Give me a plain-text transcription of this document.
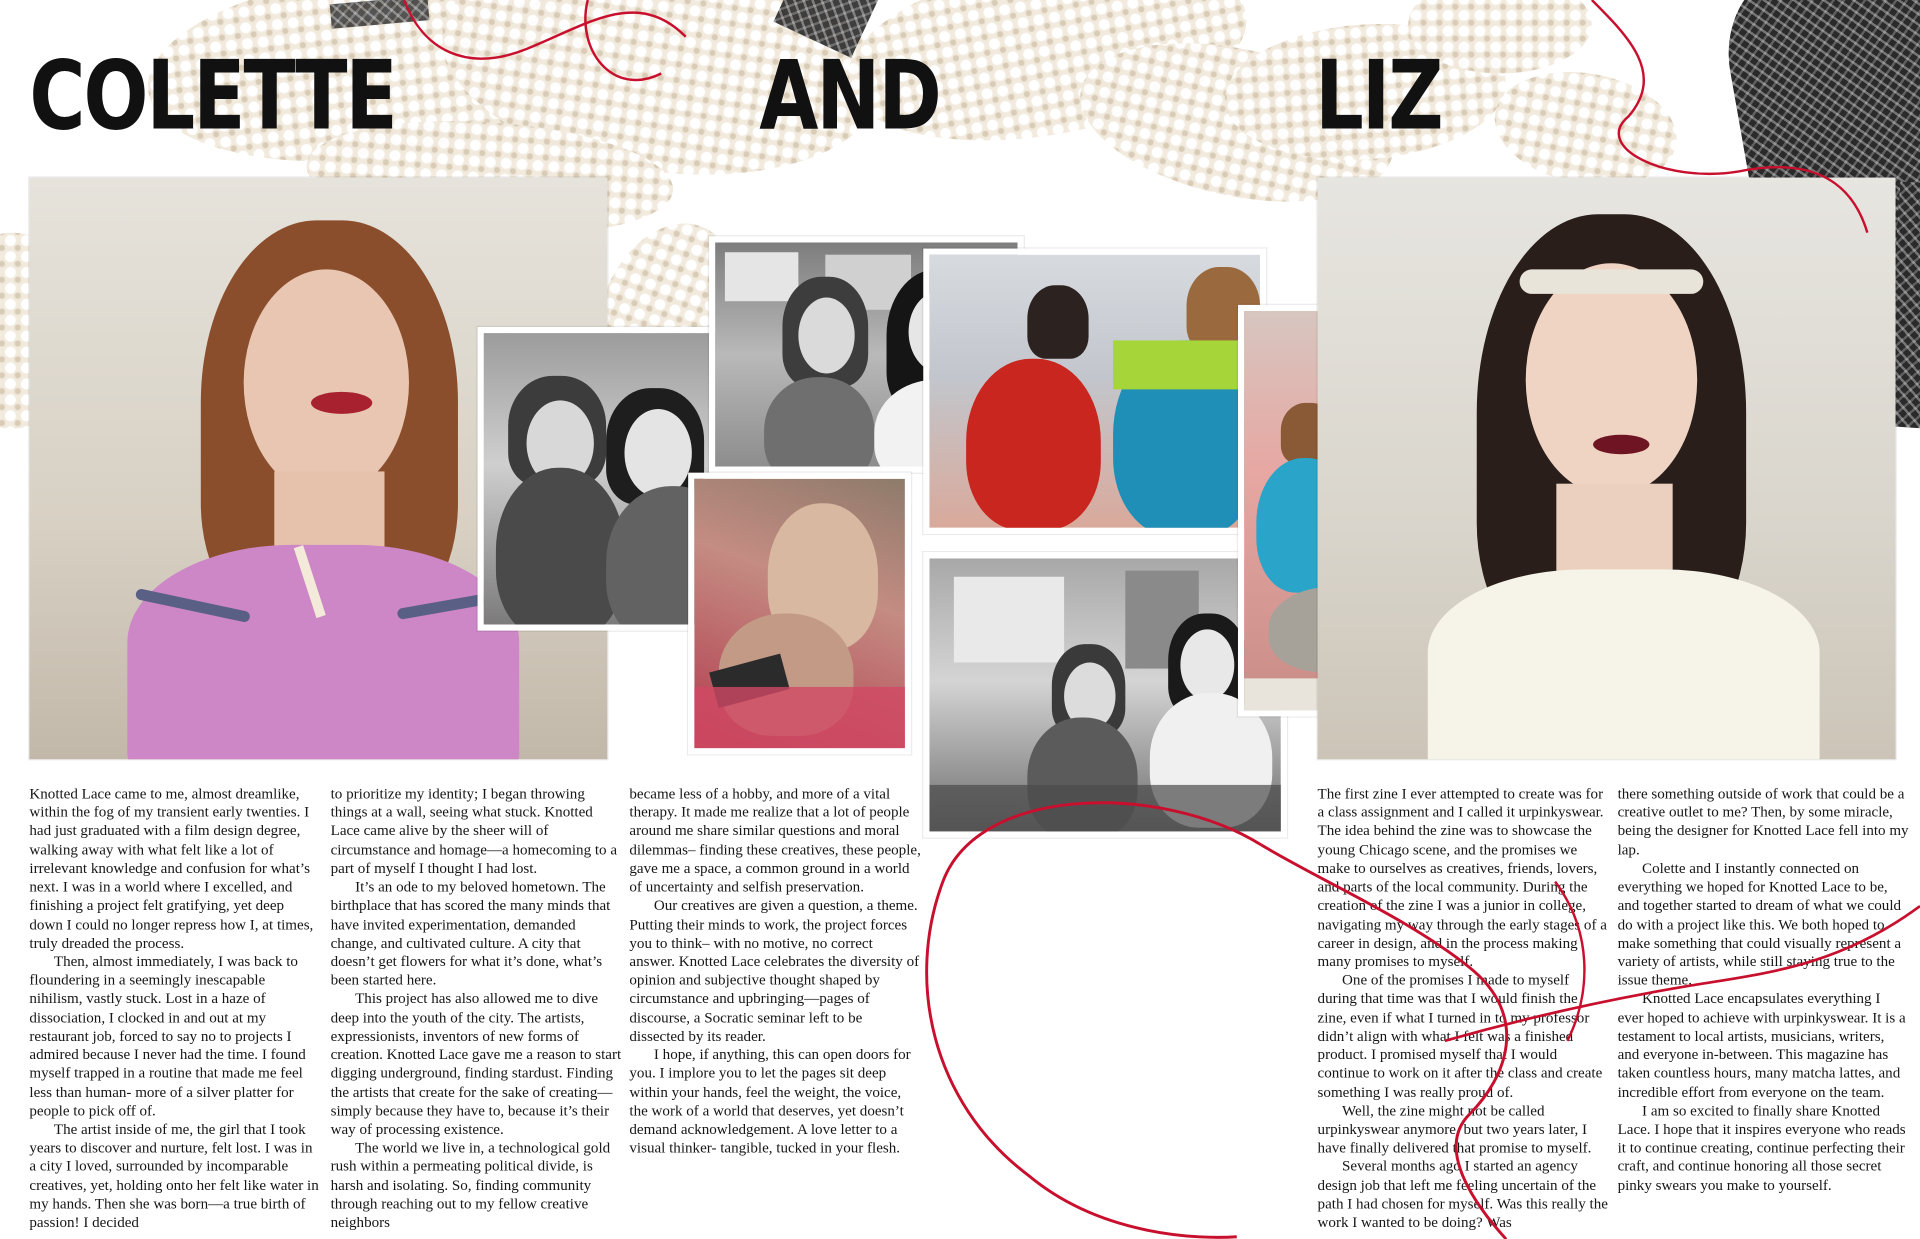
COLETTE	AND	LIZ

Knotted Lace came to me, almost dreamlike, within the fog of my transient early twenties. I had just graduated with a film design degree, walking away with what felt like a lot of irrelevant knowledge and confusion for what’s next. I was in a world where I excelled, and finishing a project felt gratifying, yet deep down I could no longer repress how I, at times, truly dreaded the process.

Then, almost immediately, I was back to floundering in a seemingly inescapable nihilism, vastly stuck. Lost in a haze of dissociation, I clocked in and out at my restaurant job, forced to say no to projects I admired because I never had the time. I found myself trapped in a routine that made me feel less than human- more of a silver platter for people to pick off of.

The artist inside of me, the girl that I took years to discover and nurture, felt lost. I was in a city I loved, surrounded by incomparable creatives, yet, holding onto her felt like water in my hands. Then she was born—a true birth of passion! I decided

to prioritize my identity; I began throwing things at a wall, seeing what stuck. Knotted Lace came alive by the sheer will of circumstance and homage—a homecoming to a part of myself I thought I had lost.

It’s an ode to my beloved hometown. The birthplace that has scored the many minds that have invited experimentation, demanded change, and cultivated culture. A city that doesn’t get flowers for what it’s done, what’s been started here.

This project has also allowed me to dive deep into the youth of the city. The artists, expressionists, inventors of new forms of creation. Knotted Lace gave me a reason to start digging underground, finding stardust. Finding the artists that create for the sake of creating—simply because they have to, because it’s their way of processing existence.

The world we live in, a technological gold rush within a permeating political divide, is harsh and isolating. So, finding community through reaching out to my fellow creative neighbors

became less of a hobby, and more of a vital therapy. It made me realize that a lot of people around me share similar questions and moral dilemmas– finding these creatives, these people, gave me a space, a common ground in a world of uncertainty and selfish preservation.

Our creatives are given a question, a theme. Putting their minds to work, the project forces you to think– with no motive, no correct answer. Knotted Lace celebrates the diversity of opinion and subjective thought shaped by circumstance and upbringing—pages of discourse, a Socratic seminar left to be dissected by its reader.

I hope, if anything, this can open doors for you. I implore you to let the pages sit deep within your hands, feel the weight, the voice, the work of a world that deserves, yet doesn’t demand acknowledgement. A love letter to a visual thinker- tangible, tucked in your flesh.

The first zine I ever attempted to create was for a class assignment and I called it urpinkyswear. The idea behind the zine was to showcase the young Chicago scene, and the promises we make to ourselves as creatives, friends, lovers, and parts of the local community. During the creation of the zine I was a junior in college, navigating my way through the early stages of a career in design, and in the process making many promises to myself.

One of the promises I made to myself during that time was that I would finish the zine, even if what I turned in to my professor didn’t align with what I felt was a finished product. I promised myself that I would continue to work on it after the class and create something I was really proud of.

Well, the zine might not be called urpinkyswear anymore, but two years later, I have finally delivered that promise to myself.

Several months ago I started an agency design job that left me feeling uncertain of the path I had chosen for myself. Was this really the work I wanted to be doing? Was

there something outside of work that could be a creative outlet to me? Then, by some miracle, being the designer for Knotted Lace fell into my lap.

Colette and I instantly connected on everything we hoped for Knotted Lace to be, and together started to dream of what we could do with a project like this. We both hoped to make something that could visually represent a variety of artists, while still staying true to the issue theme.

Knotted Lace encapsulates everything I ever hoped to achieve with urpinkyswear. It is a testament to local artists, musicians, writers, and everyone in-between. This magazine has taken countless hours, many matcha lattes, and incredible effort from everyone on the team.

I am so excited to finally share Knotted Lace. I hope that it inspires everyone who reads it to continue creating, continue perfecting their craft, and continue honoring all those secret pinky swears you make to yourself.
